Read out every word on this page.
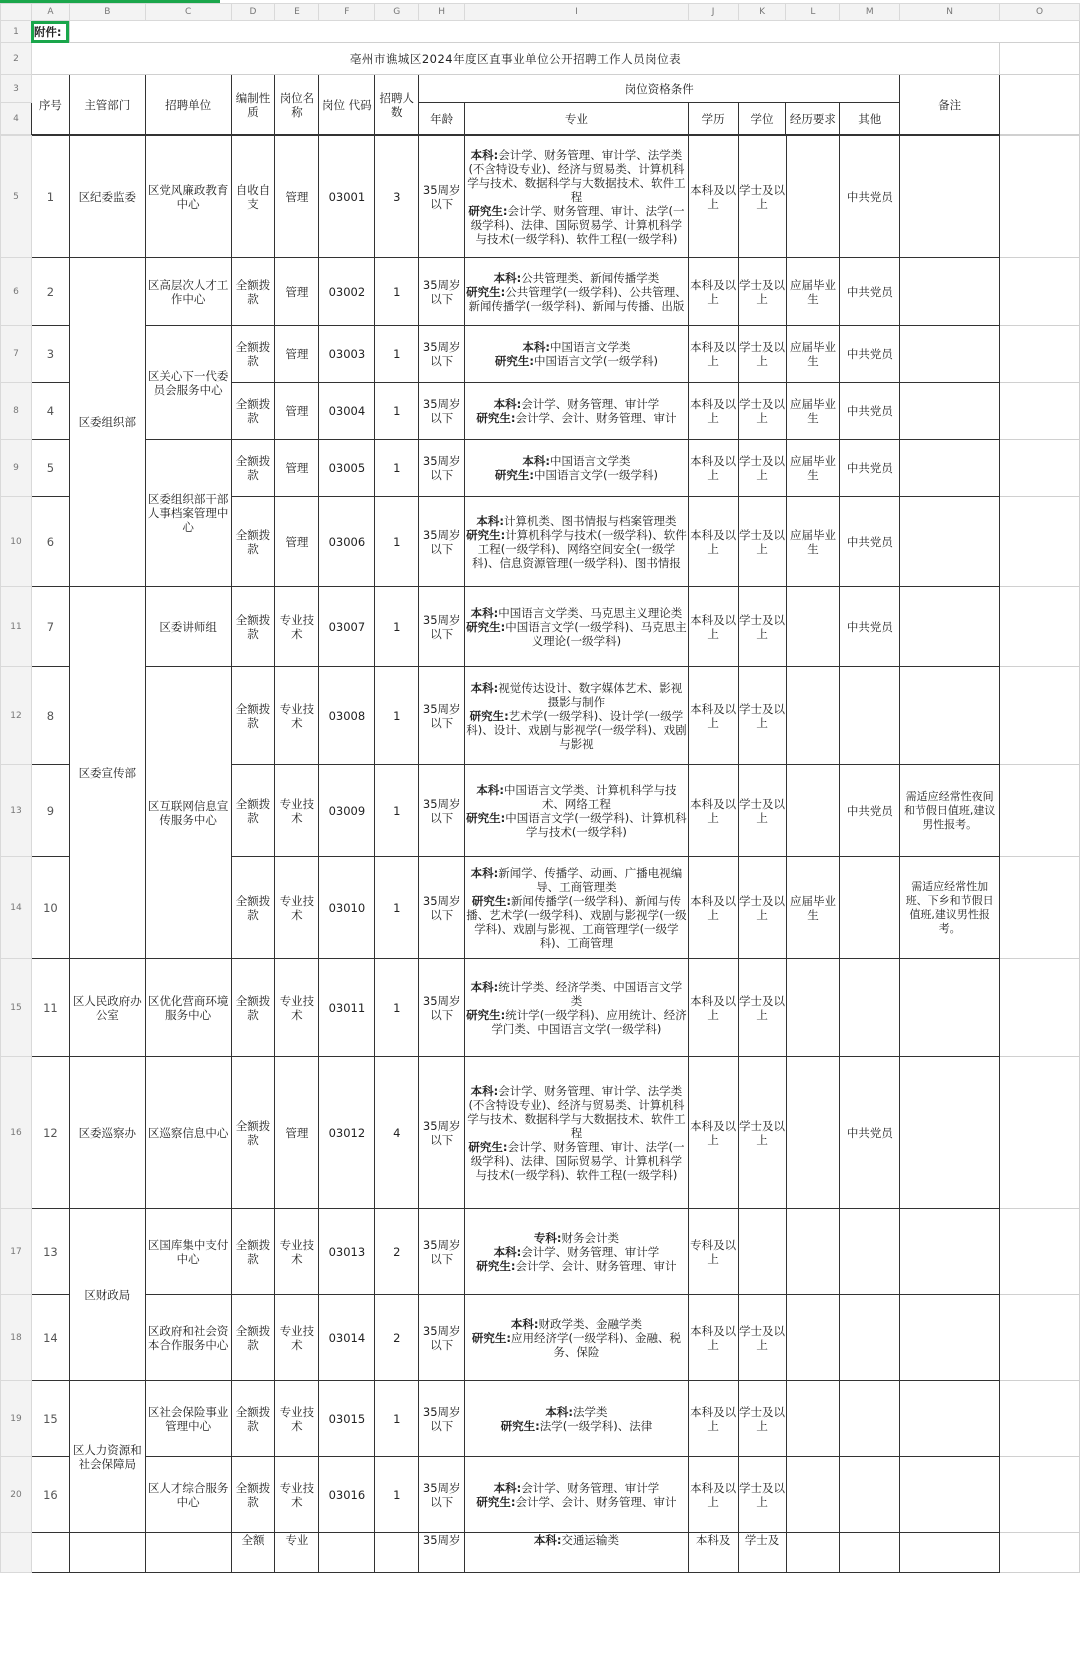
	A	B	C	D	E	F	G	H	I	J	K	L	M	N	O
1	附件:														
2	亳州市谯城区2024年度区直事业单位公开招聘工作人员岗位表														
3	序号	主管部门	招聘单位	编制性质	岗位名称	岗位 代码	招聘人数	岗位资格条件						备注	
4								年龄	专业	学历	学位	经历要求	其他		
5	1	区纪委监委	区党风廉政教育中心	自收自支	管理	03001	3	35周岁以下	本科:会计学、财务管理、审计学、法学类(不含特设专业)、经济与贸易类、计算机科学与技术、数据科学与大数据技术、软件工程
研究生:会计学、财务管理、审计、法学(一级学科)、法律、国际贸易学、计算机科学与技术(一级学科)、软件工程(一级学科)	本科及以上	学士及以上		中共党员		
6	2	区委组织部	区高层次人才工作中心	全额拨款	管理	03002	1	35周岁以下	本科:公共管理类、新闻传播学类
研究生:公共管理学(一级学科)、公共管理、新闻传播学(一级学科)、新闻与传播、出版	本科及以上	学士及以上	应届毕业生	中共党员		
7	3		区关心下一代委员会服务中心	全额拨款	管理	03003	1	35周岁以下	本科:中国语言文学类
研究生:中国语言文学(一级学科)	本科及以上	学士及以上	应届毕业生	中共党员		
8	4			全额拨款	管理	03004	1	35周岁以下	本科:会计学、财务管理、审计学
研究生:会计学、会计、财务管理、审计	本科及以上	学士及以上	应届毕业生	中共党员		
9	5		区委组织部干部人事档案管理中心	全额拨款	管理	03005	1	35周岁以下	本科:中国语言文学类
研究生:中国语言文学(一级学科)	本科及以上	学士及以上	应届毕业生	中共党员		
10	6			全额拨款	管理	03006	1	35周岁以下	本科:计算机类、图书情报与档案管理类
研究生:计算机科学与技术(一级学科)、软件工程(一级学科)、网络空间安全(一级学科)、信息资源管理(一级学科)、图书情报	本科及以上	学士及以上	应届毕业生	中共党员		
11	7	区委宣传部	区委讲师组	全额拨款	专业技术	03007	1	35周岁以下	本科:中国语言文学类、马克思主义理论类
研究生:中国语言文学(一级学科)、马克思主义理论(一级学科)	本科及以上	学士及以上		中共党员		
12	8		区互联网信息宣传服务中心	全额拨款	专业技术	03008	1	35周岁以下	本科:视觉传达设计、数字媒体艺术、影视摄影与制作
研究生:艺术学(一级学科)、设计学(一级学科)、设计、戏剧与影视学(一级学科)、戏剧与影视	本科及以上	学士及以上				
13	9			全额拨款	专业技术	03009	1	35周岁以下	本科:中国语言文学类、计算机科学与技术、网络工程
研究生:中国语言文学(一级学科)、计算机科学与技术(一级学科)	本科及以上	学士及以上		中共党员	需适应经常性夜间和节假日值班,建议男性报考。	
14	10			全额拨款	专业技术	03010	1	35周岁以下	本科:新闻学、传播学、动画、广播电视编导、工商管理类
研究生:新闻传播学(一级学科)、新闻与传播、艺术学(一级学科)、戏剧与影视学(一级学科)、戏剧与影视、工商管理学(一级学科)、工商管理	本科及以上	学士及以上	应届毕业生		需适应经常性加班、下乡和节假日值班,建议男性报考。	
15	11	区人民政府办公室	区优化营商环境服务中心	全额拨款	专业技术	03011	1	35周岁以下	本科:统计学类、经济学类、中国语言文学类
研究生:统计学(一级学科)、应用统计、经济学门类、中国语言文学(一级学科)	本科及以上	学士及以上				
16	12	区委巡察办	区巡察信息中心	全额拨款	管理	03012	4	35周岁以下	本科:会计学、财务管理、审计学、法学类(不含特设专业)、经济与贸易类、计算机科学与技术、数据科学与大数据技术、软件工程
研究生:会计学、财务管理、审计、法学(一级学科)、法律、国际贸易学、计算机科学与技术(一级学科)、软件工程(一级学科)	本科及以上	学士及以上		中共党员		
17	13	区财政局	区国库集中支付中心	全额拨款	专业技术	03013	2	35周岁以下	专科:财务会计类
本科:会计学、财务管理、审计学
研究生:会计学、会计、财务管理、审计	专科及以上					
18	14		区政府和社会资本合作服务中心	全额拨款	专业技术	03014	2	35周岁以下	本科:财政学类、金融学类
研究生:应用经济学(一级学科)、金融、税务、保险	本科及以上	学士及以上				
19	15	区人力资源和社会保障局	区社会保险事业管理中心	全额拨款	专业技术	03015	1	35周岁以下	本科:法学类
研究生:法学(一级学科)、法律	本科及以上	学士及以上				
20	16		区人才综合服务中心	全额拨款	专业技术	03016	1	35周岁以下	本科:会计学、财务管理、审计学
研究生:会计学、会计、财务管理、审计	本科及以上	学士及以上				
				全额	专业			35周岁	本科:交通运输类	本科及	学士及				
